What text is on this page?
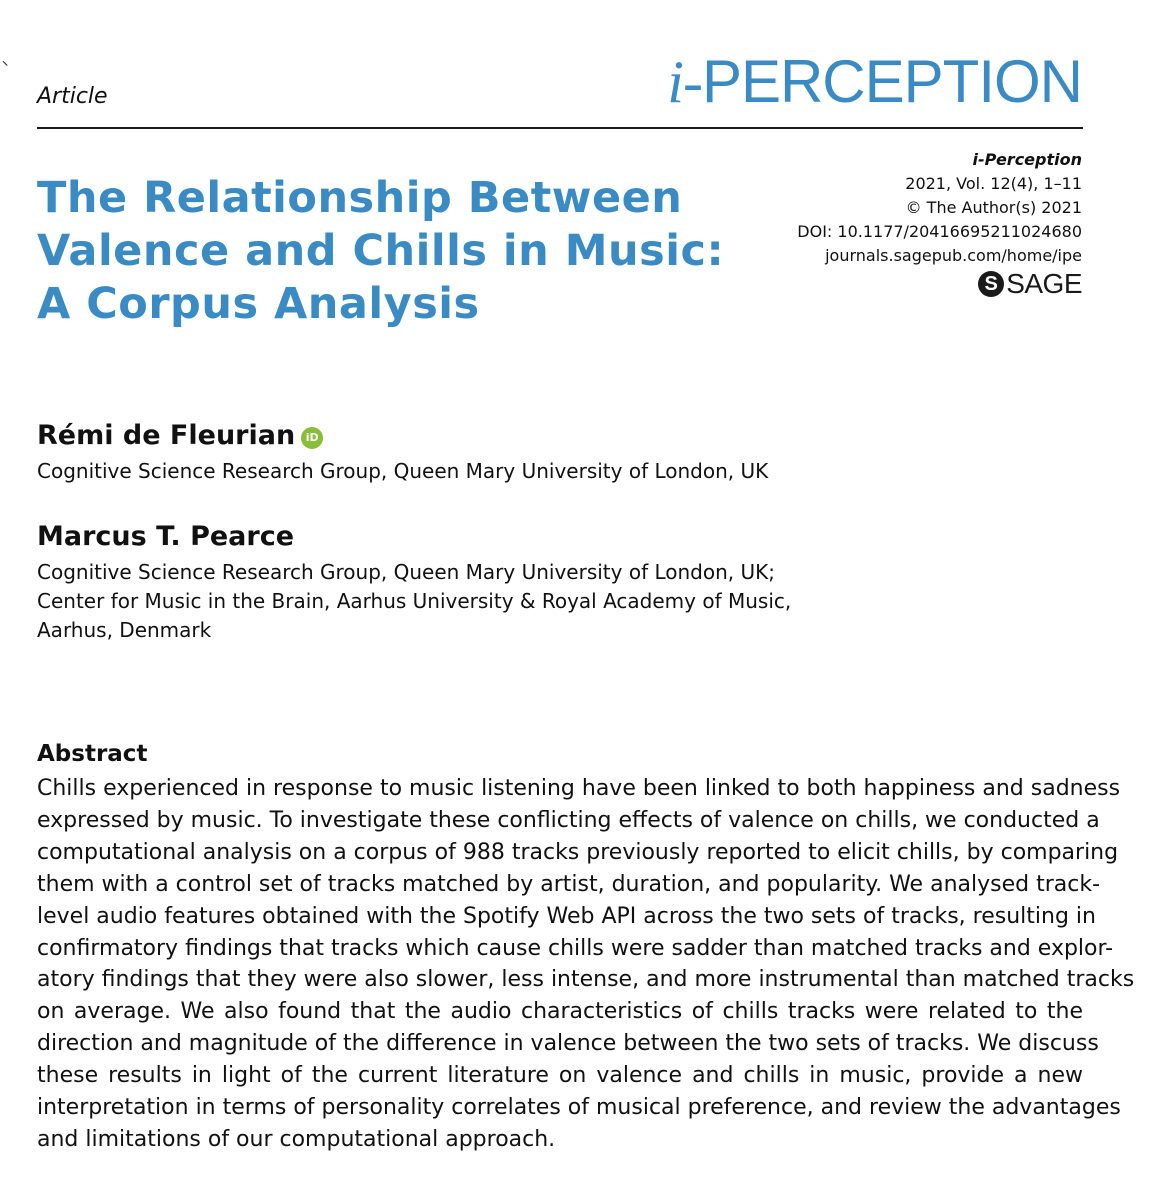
Article	i-PERCEPTION
The Relationship Between
Valence and Chills in Music:
A Corpus Analysis
i-Perception
2021, Vol. 12(4), 1–11
© The Author(s) 2021
DOI: 10.1177/20416695211024680
journals.sagepub.com/home/ipe
S SAGE
Rémi de Fleurian iD
Cognitive Science Research Group, Queen Mary University of London, UK
Marcus T. Pearce
Cognitive Science Research Group, Queen Mary University of London, UK;
Center for Music in the Brain, Aarhus University & Royal Academy of Music,
Aarhus, Denmark
Abstract
Chills experienced in response to music listening have been linked to both happiness and sadness
expressed by music. To investigate these conflicting effects of valence on chills, we conducted a
computational analysis on a corpus of 988 tracks previously reported to elicit chills, by comparing
them with a control set of tracks matched by artist, duration, and popularity. We analysed track-
level audio features obtained with the Spotify Web API across the two sets of tracks, resulting in
confirmatory findings that tracks which cause chills were sadder than matched tracks and explor-
atory findings that they were also slower, less intense, and more instrumental than matched tracks
on average. We also found that the audio characteristics of chills tracks were related to the
direction and magnitude of the difference in valence between the two sets of tracks. We discuss
these results in light of the current literature on valence and chills in music, provide a new
interpretation in terms of personality correlates of musical preference, and review the advantages
and limitations of our computational approach.
